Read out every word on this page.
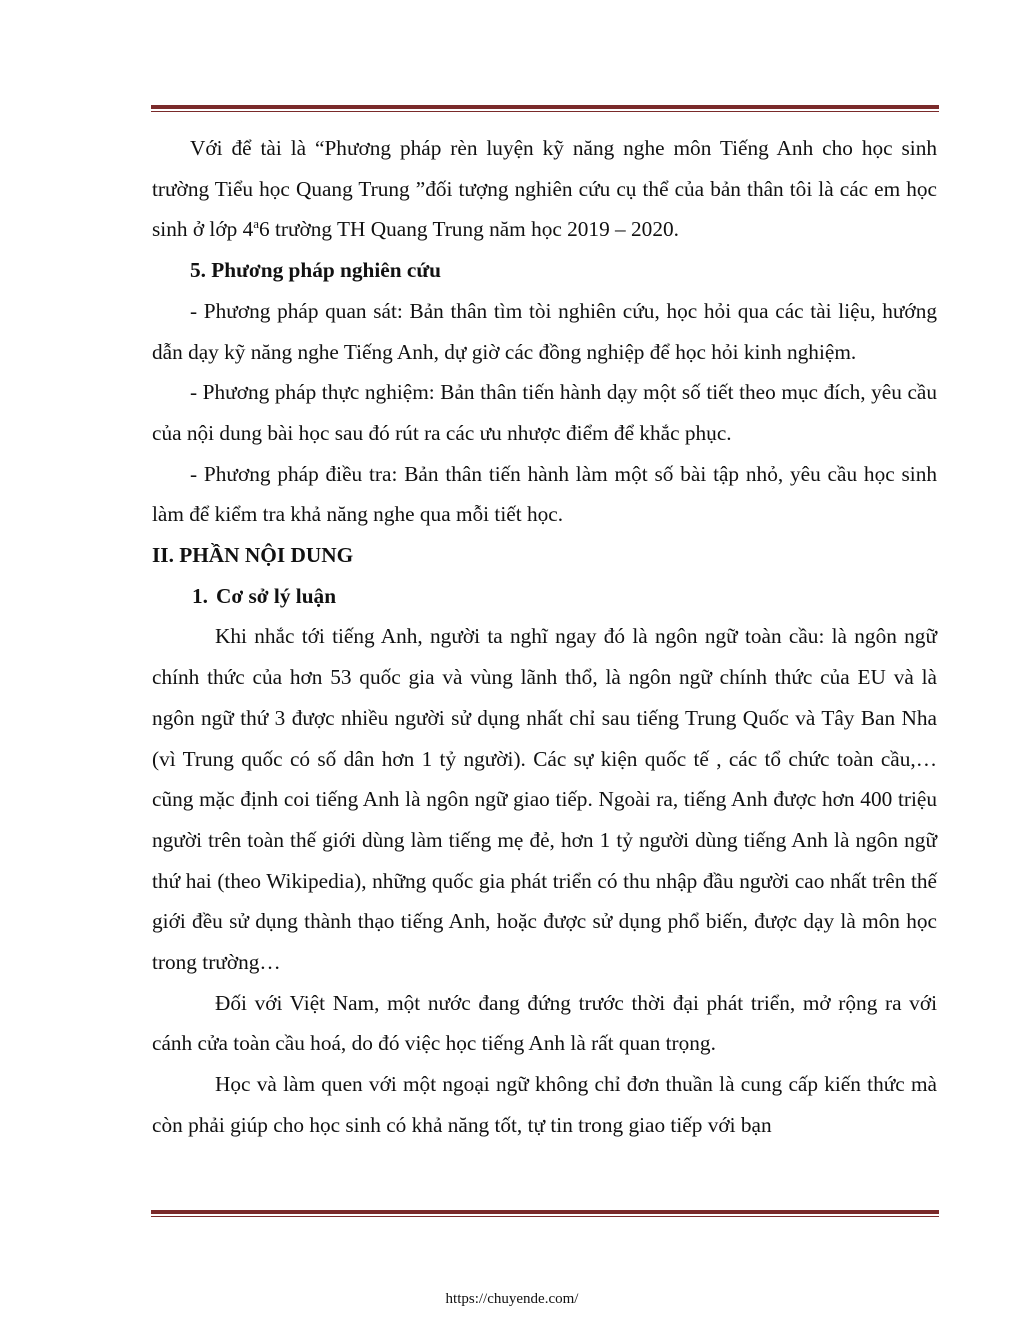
Với để tài là “Phương pháp rèn luyện kỹ năng nghe môn Tiếng Anh cho học sinh trường Tiểu học Quang Trung ”đối tượng nghiên cứu cụ thể của bản thân tôi là các em học sinh ở lớp 4$^a$6 trường TH Quang Trung năm học 2019 – 2020.

5. Phương pháp nghiên cứu

- Phương pháp quan sát: Bản thân tìm tòi nghiên cứu, học hỏi qua các tài liệu, hướng dẫn dạy kỹ năng nghe Tiếng Anh, dự giờ các đồng nghiệp để học hỏi kinh nghiệm.

- Phương pháp thực nghiệm: Bản thân tiến hành dạy một số tiết theo mục đích, yêu cầu của nội dung bài học sau đó rút ra các ưu nhược điểm để khắc phục.

- Phương pháp điều tra: Bản thân tiến hành làm một số bài tập nhỏ, yêu cầu học sinh làm để kiểm tra khả năng nghe qua mỗi tiết học.

II. PHẦN NỘI DUNG

1. Cơ sở lý luận

Khi nhắc tới tiếng Anh, người ta nghĩ ngay đó là ngôn ngữ toàn cầu: là ngôn ngữ chính thức của hơn 53 quốc gia và vùng lãnh thổ, là ngôn ngữ chính thức của EU và là ngôn ngữ thứ 3 được nhiều người sử dụng nhất chỉ sau tiếng Trung Quốc và Tây Ban Nha (vì Trung quốc có số dân hơn 1 tỷ người). Các sự kiện quốc tế , các tổ chức toàn cầu,… cũng mặc định coi tiếng Anh là ngôn ngữ giao tiếp. Ngoài ra, tiếng Anh được hơn 400 triệu người trên toàn thế giới dùng làm tiếng mẹ đẻ, hơn 1 tỷ người dùng tiếng Anh là ngôn ngữ thứ hai (theo Wikipedia), những quốc gia phát triển có thu nhập đầu người cao nhất trên thế giới đều sử dụng thành thạo tiếng Anh, hoặc được sử dụng phổ biến, được dạy là môn học trong trường…

Đối với Việt Nam, một nước đang đứng trước thời đại phát triển, mở rộng ra với cánh cửa toàn cầu hoá, do đó việc học tiếng Anh là rất quan trọng.

Học và làm quen với một ngoại ngữ không chỉ đơn thuần là cung cấp kiến thức mà còn phải giúp cho học sinh có khả năng tốt, tự tin trong giao tiếp với bạn

https://chuyende.com/
